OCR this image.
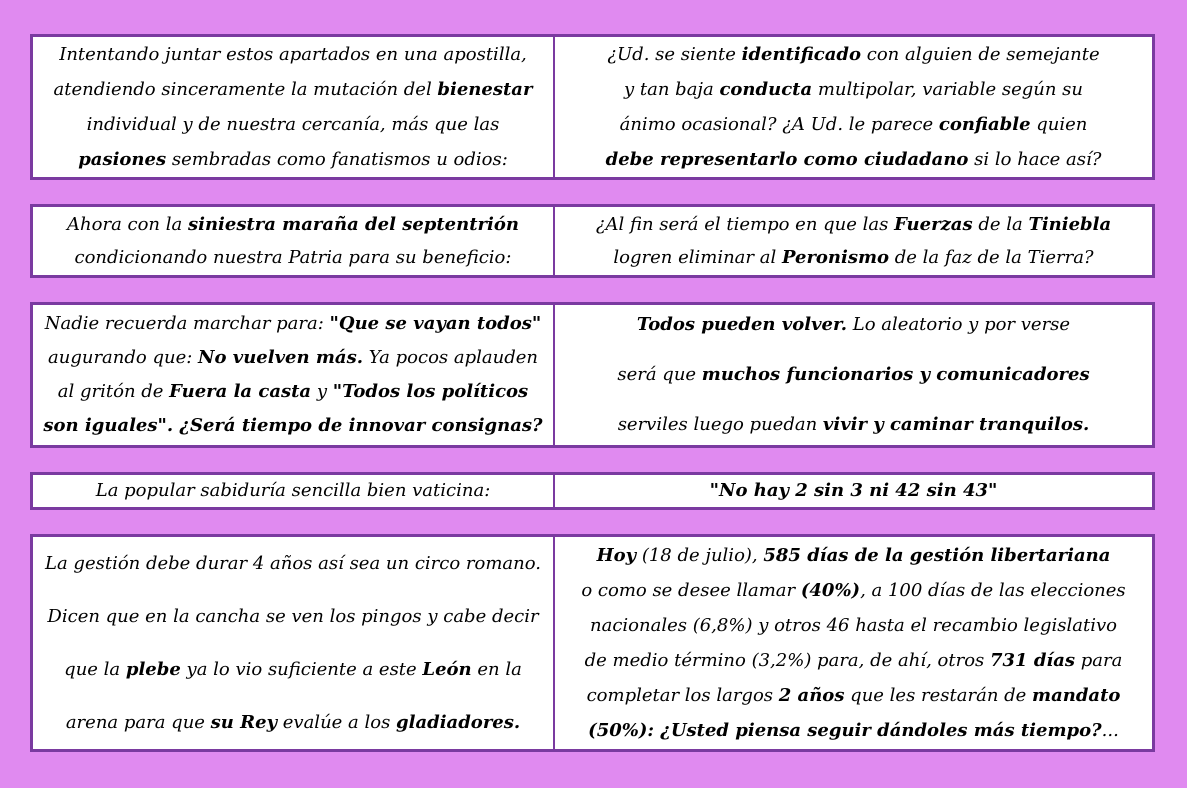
Intentando juntar estos apartados en una apostilla,

atendiendo sinceramente la mutación del bienestar

individual y de nuestra cercanía, más que las

pasiones sembradas como fanatismos u odios:

¿Ud. se siente identificado con alguien de semejante

y tan baja conducta multipolar, variable según su

ánimo ocasional? ¿A Ud. le parece confiable quien

debe representarlo como ciudadano si lo hace así?

Ahora con la siniestra maraña del septentrión

condicionando nuestra Patria para su beneficio:

¿Al fin será el tiempo en que las Fuerzas de la Tiniebla

logren eliminar al Peronismo de la faz de la Tierra?

Nadie recuerda marchar para: "Que se vayan todos"

augurando que: No vuelven más. Ya pocos aplauden

al gritón de Fuera la casta y "Todos los políticos

son iguales". ¿Será tiempo de innovar consignas?

Todos pueden volver. Lo aleatorio y por verse

será que muchos funcionarios y comunicadores

serviles luego puedan vivir y caminar tranquilos.

La popular sabiduría sencilla bien vaticina:	"No hay 2 sin 3 ni 42 sin 43"

La gestión debe durar 4 años así sea un circo romano.

Dicen que en la cancha se ven los pingos y cabe decir

que la plebe ya lo vio suficiente a este León en la

arena para que su Rey evalúe a los gladiadores.

Hoy (18 de julio), 585 días de la gestión libertariana

o como se desee llamar (40%), a 100 días de las elecciones

nacionales (6,8%) y otros 46 hasta el recambio legislativo

de medio término (3,2%) para, de ahí, otros 731 días para

completar los largos 2 años que les restarán de mandato

(50%): ¿Usted piensa seguir dándoles más tiempo?...
